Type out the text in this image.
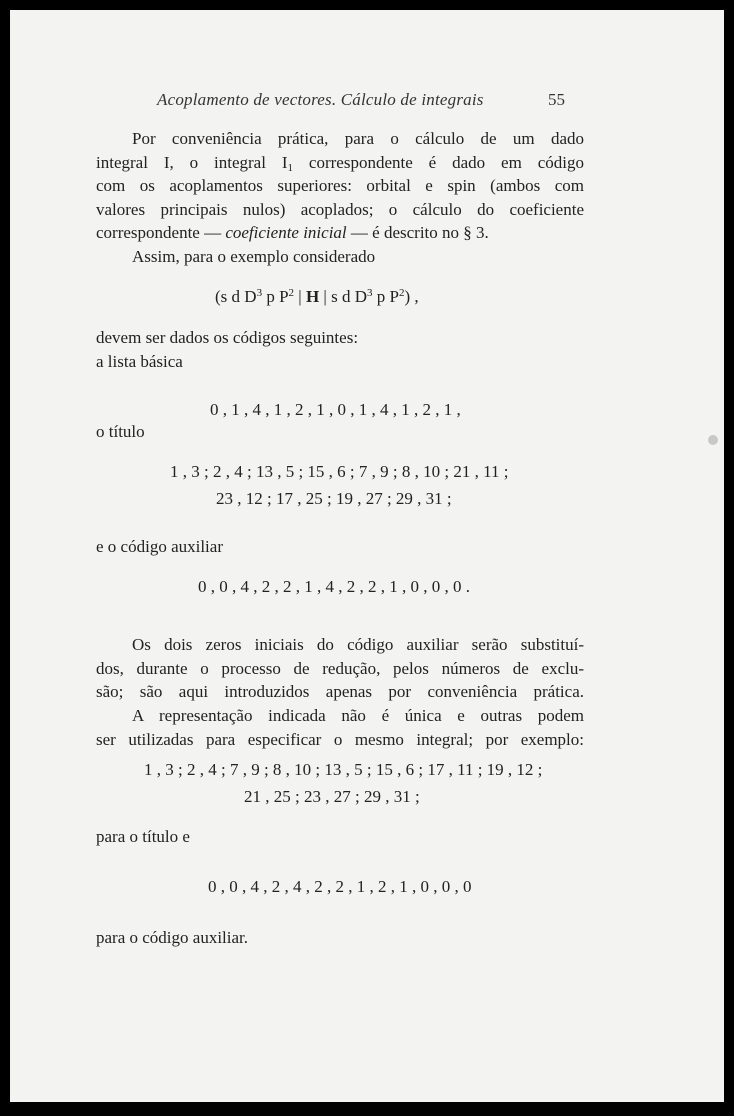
Acoplamento de vectores. Cálculo de integrais	55
Por conveniência prática, para o cálculo de um dado
integral I, o integral $I_1$ correspondente é dado em código
com os acoplamentos superiores: orbital e spin (ambos com
valores principais nulos) acoplados; o cálculo do coeficiente
correspondente — coeficiente inicial — é descrito no § 3.
Assim, para o exemplo considerado
(s d $D^3$ p $P^2$ | H | s d $D^3$ p $P^2$) ,
devem ser dados os códigos seguintes:
a lista básica
0 , 1 , 4 , 1 , 2 , 1 , 0 , 1 , 4 , 1 , 2 , 1 ,
o título
1 , 3 ; 2 , 4 ; 13 , 5 ; 15 , 6 ; 7 , 9 ; 8 , 10 ; 21 , 11 ;
23 , 12 ; 17 , 25 ; 19 , 27 ; 29 , 31 ;
e o código auxiliar
0 , 0 , 4 , 2 , 2 , 1 , 4 , 2 , 2 , 1 , 0 , 0 , 0 .
Os dois zeros iniciais do código auxiliar serão substituí-
dos, durante o processo de redução, pelos números de exclu-
são; são aqui introduzidos apenas por conveniência prática.
A representação indicada não é única e outras podem
ser utilizadas para especificar o mesmo integral; por exemplo:
1 , 3 ; 2 , 4 ; 7 , 9 ; 8 , 10 ; 13 , 5 ; 15 , 6 ; 17 , 11 ; 19 , 12 ;
21 , 25 ; 23 , 27 ; 29 , 31 ;
para o título e
0 , 0 , 4 , 2 , 4 , 2 , 2 , 1 , 2 , 1 , 0 , 0 , 0
para o código auxiliar.
